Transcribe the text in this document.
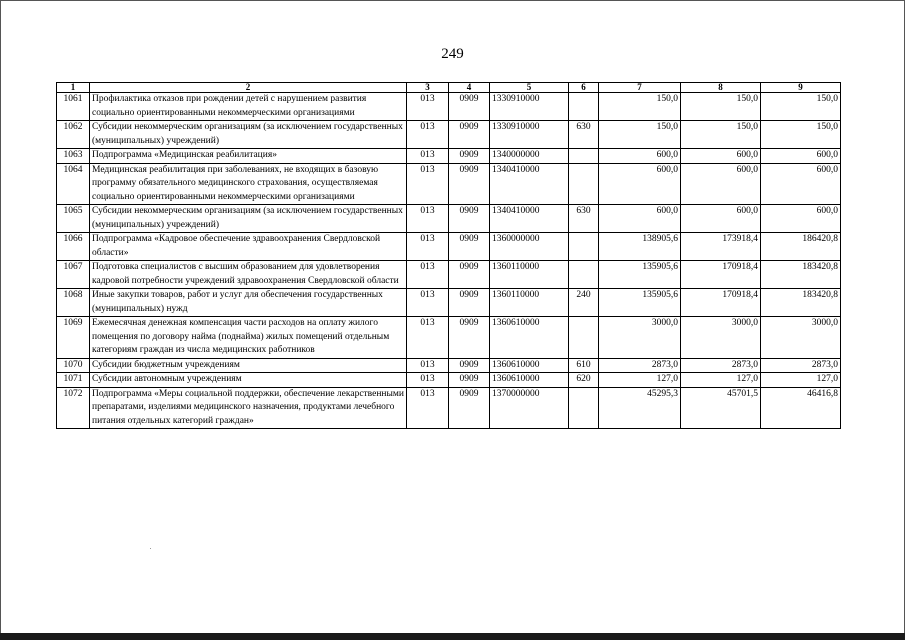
249
1	2	3	4	5	6	7	8	9
1061	Профилактика отказов при рождении детей с нарушением развития социально ориентированными некоммерческими организациями	013	0909	1330910000		150,0	150,0	150,0
1062	Субсидии некоммерческим организациям (за исключением государственных (муниципальных) учреждений)	013	0909	1330910000	630	150,0	150,0	150,0
1063	Подпрограмма «Медицинская реабилитация»	013	0909	1340000000		600,0	600,0	600,0
1064	Медицинская реабилитация при заболеваниях, не входящих в базовую программу обязательного медицинского страхования, осуществляемая социально ориентированными некоммерческими организациями	013	0909	1340410000		600,0	600,0	600,0
1065	Субсидии некоммерческим организациям (за исключением государственных (муниципальных) учреждений)	013	0909	1340410000	630	600,0	600,0	600,0
1066	Подпрограмма «Кадровое обеспечение здравоохранения Свердловской области»	013	0909	1360000000		138905,6	173918,4	186420,8
1067	Подготовка специалистов с высшим образованием для удовлетворения кадровой потребности учреждений здравоохранения Свердловской области	013	0909	1360110000		135905,6	170918,4	183420,8
1068	Иные закупки товаров, работ и услуг для обеспечения государственных (муниципальных) нужд	013	0909	1360110000	240	135905,6	170918,4	183420,8
1069	Ежемесячная денежная компенсация части расходов на оплату жилого помещения по договору найма (поднайма) жилых помещений отдельным категориям граждан из числа медицинских работников	013	0909	1360610000		3000,0	3000,0	3000,0
1070	Субсидии бюджетным учреждениям	013	0909	1360610000	610	2873,0	2873,0	2873,0
1071	Субсидии автономным учреждениям	013	0909	1360610000	620	127,0	127,0	127,0
1072	Подпрограмма «Меры социальной поддержки, обеспечение лекарственными препаратами, изделиями медицинского назначения, продуктами лечебного питания отдельных категорий граждан»	013	0909	1370000000		45295,3	45701,5	46416,8
